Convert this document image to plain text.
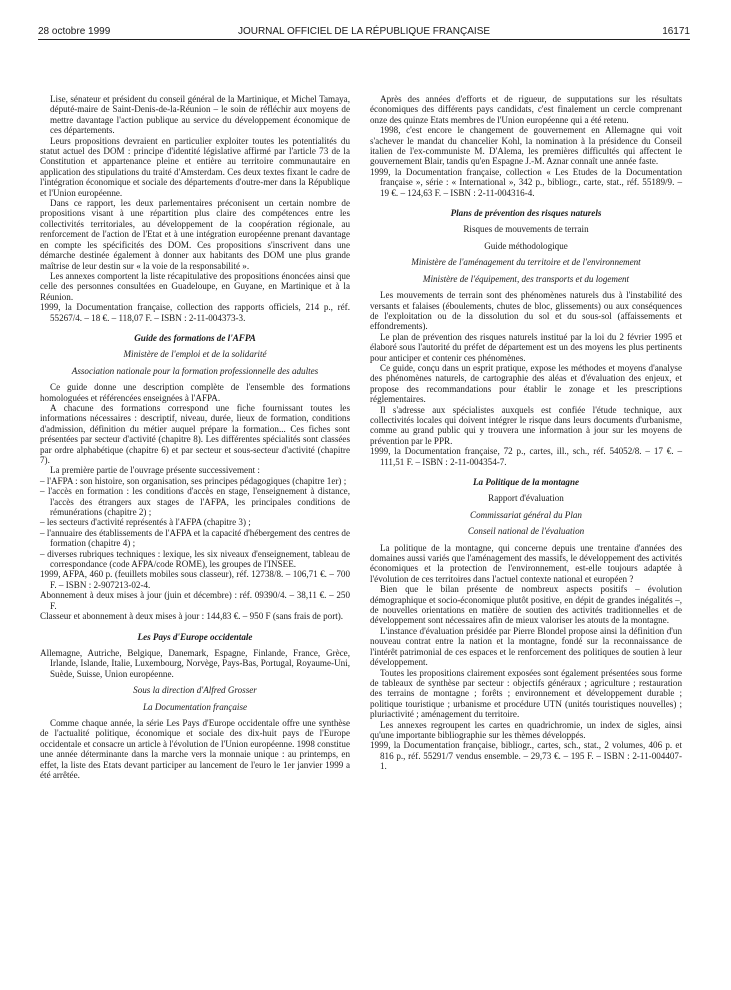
28 octobre 1999	JOURNAL OFFICIEL DE LA RÉPUBLIQUE FRANÇAISE	16171

Lise, sénateur et président du conseil général de la Martinique, et Michel Tamaya, député-maire de Saint-Denis-de-la-Réunion – le soin de réfléchir aux moyens de mettre davantage l'action publique au service du développement économique de ces départements.

Leurs propositions devraient en particulier exploiter toutes les potentialités du statut actuel des DOM : principe d'identité législative affirmé par l'article 73 de la Constitution et appartenance pleine et entière au territoire communautaire en application des stipulations du traité d'Amsterdam. Ces deux textes fixant le cadre de l'intégration économique et sociale des départements d'outre-mer dans la République et l'Union européenne.

Dans ce rapport, les deux parlementaires préconisent un certain nombre de propositions visant à une répartition plus claire des compétences entre les collectivités territoriales, au développement de la coopération régionale, au renforcement de l'action de l'Etat et à une intégration européenne prenant davantage en compte les spécificités des DOM. Ces propositions s'inscrivent dans une démarche destinée également à donner aux habitants des DOM une plus grande maîtrise de leur destin sur « la voie de la responsabilité ».

Les annexes comportent la liste récapitulative des propositions énoncées ainsi que celle des personnes consultées en Guadeloupe, en Guyane, en Martinique et à la Réunion.

1999, la Documentation française, collection des rapports officiels, 214 p., réf. 55267/4. – 18 €. – 118,07 F. – ISBN : 2-11-004373-3.

Guide des formations de l'AFPA

Ministère de l'emploi et de la solidarité

Association nationale pour la formation professionnelle des adultes

Ce guide donne une description complète de l'ensemble des formations homologuées et référencées enseignées à l'AFPA.

A chacune des formations correspond une fiche fournissant toutes les informations nécessaires : descriptif, niveau, durée, lieux de formation, conditions d'admission, définition du métier auquel prépare la formation... Ces fiches sont présentées par secteur d'activité (chapitre 8). Les différentes spécialités sont classées par ordre alphabétique (chapitre 6) et par secteur et sous-secteur d'activité (chapitre 7).

La première partie de l'ouvrage présente successivement :

– l'AFPA : son histoire, son organisation, ses principes pédagogiques (chapitre 1er) ;

– l'accès en formation : les conditions d'accès en stage, l'enseignement à distance, l'accès des étrangers aux stages de l'AFPA, les principales conditions de rémunérations (chapitre 2) ;

– les secteurs d'activité représentés à l'AFPA (chapitre 3) ;

– l'annuaire des établissements de l'AFPA et la capacité d'hébergement des centres de formation (chapitre 4) ;

– diverses rubriques techniques : lexique, les six niveaux d'enseignement, tableau de correspondance (code AFPA/code ROME), les groupes de l'INSEE.

1999, AFPA, 460 p. (feuillets mobiles sous classeur), réf. 12738/8. – 106,71 €. – 700 F. – ISBN : 2-907213-02-4.

Abonnement à deux mises à jour (juin et décembre) : réf. 09390/4. – 38,11 €. – 250 F.

Classeur et abonnement à deux mises à jour : 144,83 €. – 950 F (sans frais de port).

Les Pays d'Europe occidentale

Allemagne, Autriche, Belgique, Danemark, Espagne, Finlande, France, Grèce, Irlande, Islande, Italie, Luxembourg, Norvège, Pays-Bas, Portugal, Royaume-Uni, Suède, Suisse, Union européenne.

Sous la direction d'Alfred Grosser

La Documentation française

Comme chaque année, la série Les Pays d'Europe occidentale offre une synthèse de l'actualité politique, économique et sociale des dix-huit pays de l'Europe occidentale et consacre un article à l'évolution de l'Union européenne. 1998 constitue une année déterminante dans la marche vers la monnaie unique : au printemps, en effet, la liste des Etats devant participer au lancement de l'euro le 1er janvier 1999 a été arrêtée.

Après des années d'efforts et de rigueur, de supputations sur les résultats économiques des différents pays candidats, c'est finalement un cercle comprenant onze des quinze Etats membres de l'Union européenne qui a été retenu.

1998, c'est encore le changement de gouvernement en Allemagne qui voit s'achever le mandat du chancelier Kohl, la nomination à la présidence du Conseil italien de l'ex-communiste M. D'Alema, les premières difficultés qui affectent le gouvernement Blair, tandis qu'en Espagne J.-M. Aznar connaît une année faste.

1999, la Documentation française, collection « Les Etudes de la Documentation française », série : « International », 342 p., bibliogr., carte, stat., réf. 55189/9. – 19 €. – 124,63 F. – ISBN : 2-11-004316-4.

Plans de prévention des risques naturels

Risques de mouvements de terrain

Guide méthodologique

Ministère de l'aménagement du territoire et de l'environnement

Ministère de l'équipement, des transports et du logement

Les mouvements de terrain sont des phénomènes naturels dus à l'instabilité des versants et falaises (éboulements, chutes de bloc, glissements) ou aux conséquences de l'exploitation ou de la dissolution du sol et du sous-sol (affaissements et effondrements).

Le plan de prévention des risques naturels institué par la loi du 2 février 1995 et élaboré sous l'autorité du préfet de département est un des moyens les plus pertinents pour anticiper et contenir ces phénomènes.

Ce guide, conçu dans un esprit pratique, expose les méthodes et moyens d'analyse des phénomènes naturels, de cartographie des aléas et d'évaluation des enjeux, et propose des recommandations pour établir le zonage et les prescriptions réglementaires.

Il s'adresse aux spécialistes auxquels est confiée l'étude technique, aux collectivités locales qui doivent intégrer le risque dans leurs documents d'urbanisme, comme au grand public qui y trouvera une information à jour sur les moyens de prévention par le PPR.

1999, la Documentation française, 72 p., cartes, ill., sch., réf. 54052/8. – 17 €. – 111,51 F. – ISBN : 2-11-004354-7.

La Politique de la montagne

Rapport d'évaluation

Commissariat général du Plan

Conseil national de l'évaluation

La politique de la montagne, qui concerne depuis une trentaine d'années des domaines aussi variés que l'aménagement des massifs, le développement des activités économiques et la protection de l'environnement, est-elle toujours adaptée à l'évolution de ces territoires dans l'actuel contexte national et européen ?

Bien que le bilan présente de nombreux aspects positifs – évolution démographique et socio-économique plutôt positive, en dépit de grandes inégalités –, de nouvelles orientations en matière de soutien des activités traditionnelles et de développement sont nécessaires afin de mieux valoriser les atouts de la montagne.

L'instance d'évaluation présidée par Pierre Blondel propose ainsi la définition d'un nouveau contrat entre la nation et la montagne, fondé sur la reconnaissance de l'intérêt patrimonial de ces espaces et le renforcement des politiques de soutien à leur développement.

Toutes les propositions clairement exposées sont également présentées sous forme de tableaux de synthèse par secteur : objectifs généraux ; agriculture ; restauration des terrains de montagne ; forêts ; environnement et développement durable ; politique touristique ; urbanisme et procédure UTN (unités touristiques nouvelles) ; pluriactivité ; aménagement du territoire.

Les annexes regroupent les cartes en quadrichromie, un index de sigles, ainsi qu'une importante bibliographie sur les thèmes développés.

1999, la Documentation française, bibliogr., cartes, sch., stat., 2 volumes, 406 p. et 816 p., réf. 55291/7 vendus ensemble. – 29,73 €. – 195 F. – ISBN : 2-11-004407-1.
